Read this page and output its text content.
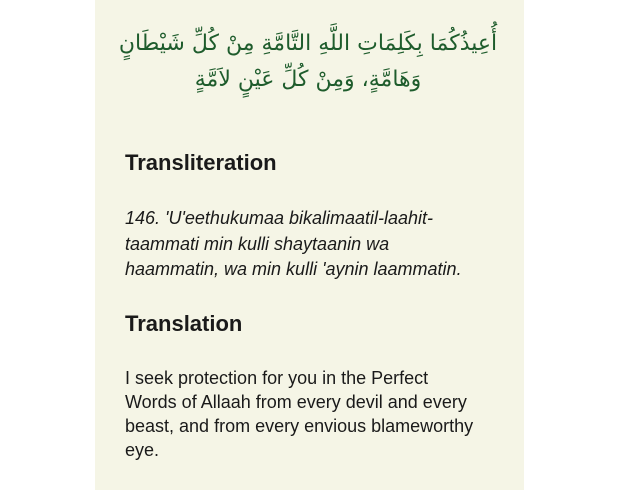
أُعِيذُكُمَا بِكَلِمَاتِ اللَّهِ التَّامَّةِ مِنْ كُلِّ شَيْطَانٍ وَهَامَّةٍ، وَمِنْ كُلِّ عَيْنٍ لاَمَّةٍ
Transliteration
146. 'U'eethukumaa bikalimaatil-laahit-
taammati min kulli shaytaanin wa
haammatin, wa min kulli 'aynin laammatin.
Translation
I seek protection for you in the Perfect
Words of Allaah from every devil and every
beast, and from every envious blameworthy
eye.
